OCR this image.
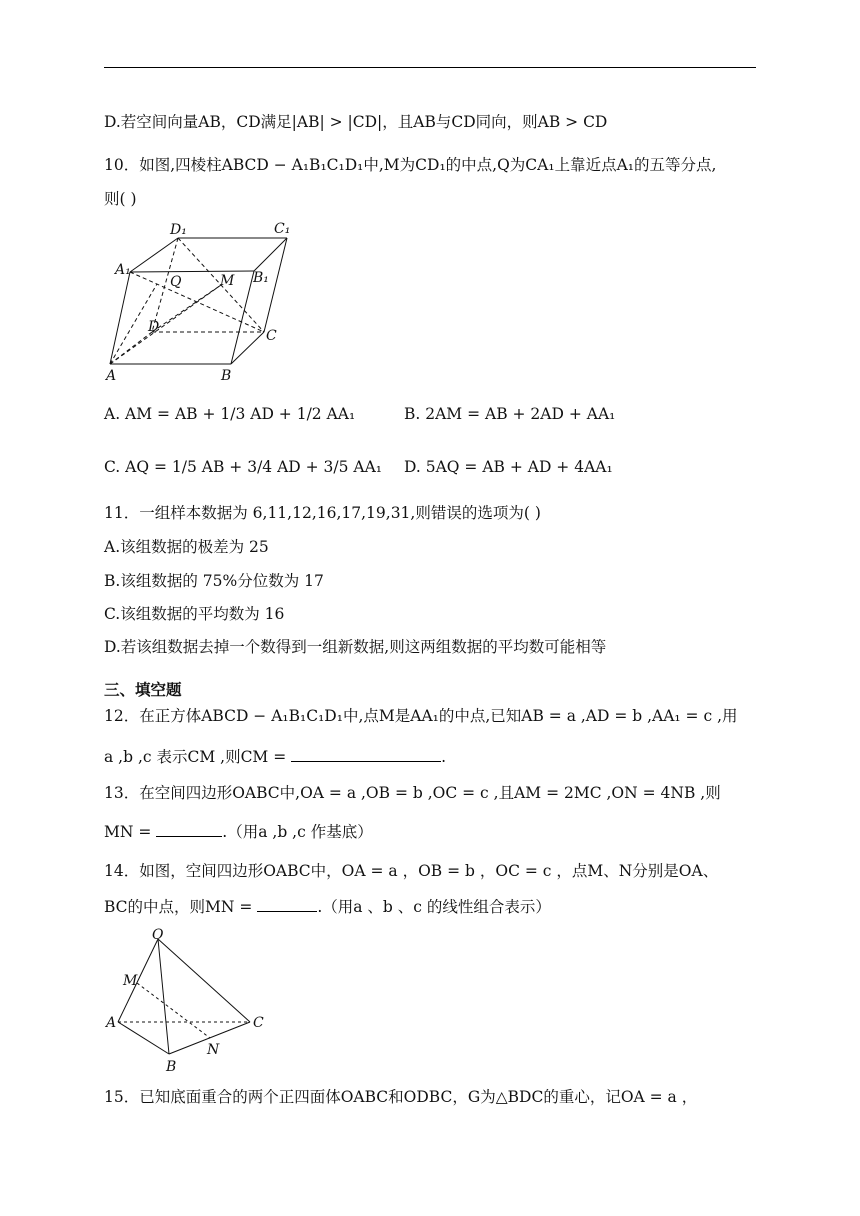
D.若空间向量AB，CD满足|AB| > |CD|，且AB与CD同向，则AB > CD
10．如图,四棱柱ABCD − A₁B₁C₁D₁中,M为CD₁的中点,Q为CA₁上靠近点A₁的五等分点,
则( )
D₁	C₁
A₁	B₁
Q	M
D
C
A	B
A. AM = AB + 1/3 AD + 1/2 AA₁	B. 2AM = AB + 2AD + AA₁
C. AQ = 1/5 AB + 3/4 AD + 3/5 AA₁ D. 5AQ = AB + AD + 4AA₁
11．一组样本数据为 6,11,12,16,17,19,31,则错误的选项为( )
A.该组数据的极差为 25
B.该组数据的 75%分位数为 17
C.该组数据的平均数为 16
D.若该组数据去掉一个数得到一组新数据,则这两组数据的平均数可能相等
三、填空题
12．在正方体ABCD − A₁B₁C₁D₁中,点M是AA₁的中点,已知AB = a ,AD = b ,AA₁ = c ,用
a ,b ,c 表示CM ,则CM =	.
13．在空间四边形OABC中,OA = a ,OB = b ,OC = c ,且AM = 2MC ,ON = 4NB ,则
MN =	.（用a ,b ,c 作基底）
14．如图，空间四边形OABC中，OA = a ，OB = b ，OC = c ，点M、N分别是OA、
BC的中点，则MN =	.（用a 、b 、c 的线性组合表示）
O
M
A	C
N
B
15．已知底面重合的两个正四面体OABC和ODBC，G为△BDC的重心，记OA = a ，
